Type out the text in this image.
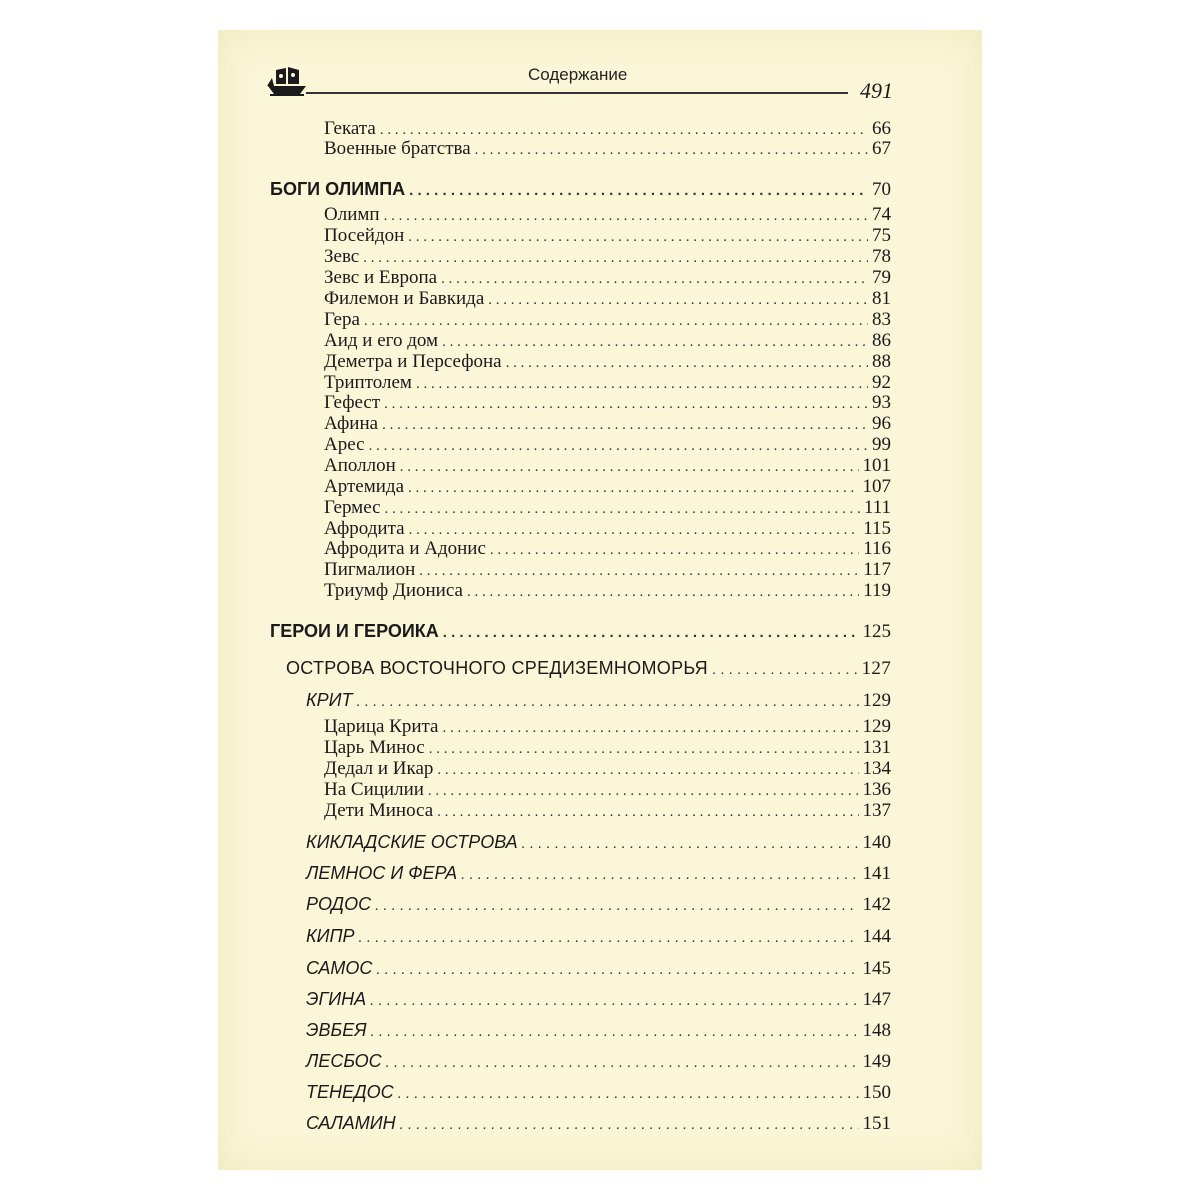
Содержание
491
Геката . . .	66
Военные братства . . .	67
БОГИ ОЛИМПА . . .	70
Олимп . . .	74
Посейдон . . .	75
Зевс . . .	78
Зевс и Европа . . .	79
Филемон и Бавкида . . .	81
Гера . . .	83
Аид и его дом . . .	86
Деметра и Персефона . . .	88
Триптолем . . .	92
Гефест . . .	93
Афина . . .	96
Арес . . .	99
Аполлон . . .	101
Артемида . . .	107
Гермес . . .	111
Афродита . . .	115
Афродита и Адонис . . .	116
Пигмалион . . .	117
Триумф Диониса . . .	119
ГЕРОИ И ГЕРОИКА . . .	125
ОСТРОВА ВОСТОЧНОГО СРЕДИЗЕМНОМОРЬЯ . . .	127
КРИТ . . .	129
Царица Крита . . .	129
Царь Минос . . .	131
Дедал и Икар . . .	134
На Сицилии . . .	136
Дети Миноса . . .	137
КИКЛАДСКИЕ ОСТРОВА . . .	140
ЛЕМНОС И ФЕРА . . .	141
РОДОС . . .	142
КИПР . . .	144
САМОС . . .	145
ЭГИНА . . .	147
ЭВБЕЯ . . .	148
ЛЕСБОС . . .	149
ТЕНЕДОС . . .	150
САЛАМИН . . .	151
